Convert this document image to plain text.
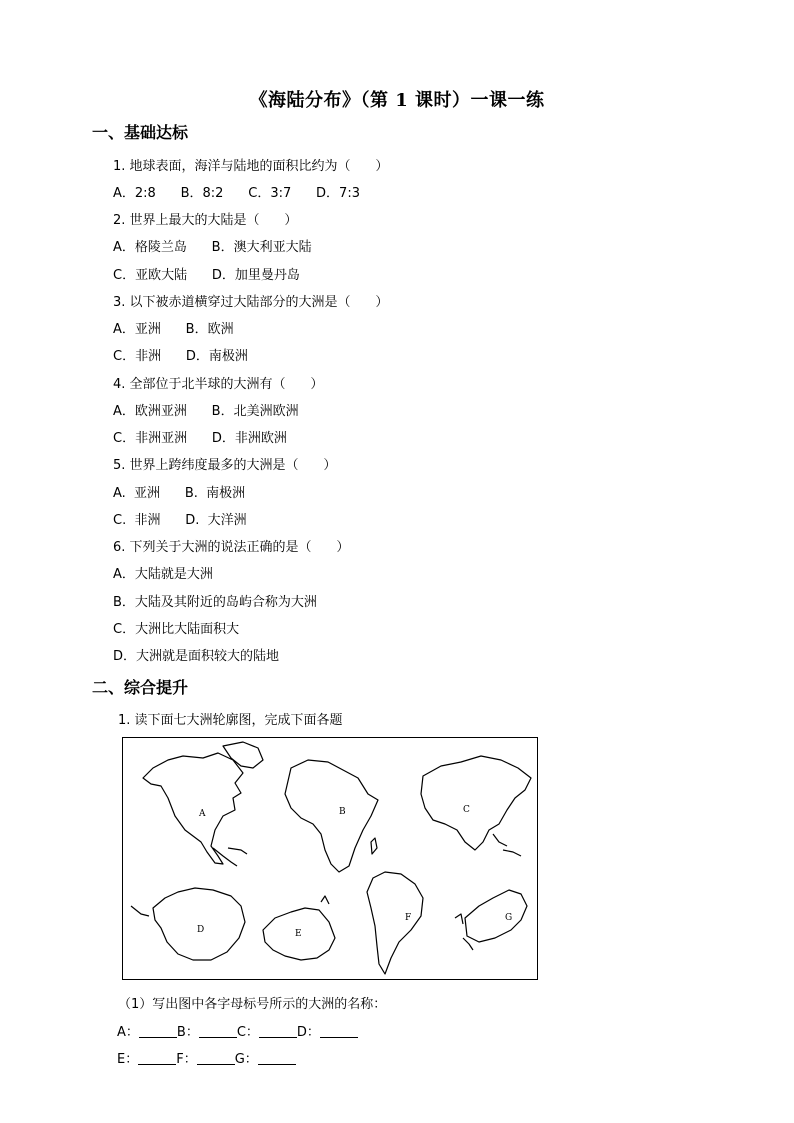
《海陆分布》（第 1 课时）一课一练
一、基础达标
1. 地球表面，海洋与陆地的面积比约为（      ）
A．2:8      B．8:2      C．3:7      D．7:3
2. 世界上最大的大陆是（      ）
A．格陵兰岛      B．澳大利亚大陆
C．亚欧大陆      D．加里曼丹岛
3. 以下被赤道横穿过大陆部分的大洲是（      ）
A．亚洲      B．欧洲
C．非洲      D．南极洲
4. 全部位于北半球的大洲有（      ）
A．欧洲亚洲      B．北美洲欧洲
C．非洲亚洲      D．非洲欧洲
5. 世界上跨纬度最多的大洲是（      ）
A.  亚洲      B.  南极洲
C.  非洲      D.  大洋洲
6. 下列关于大洲的说法正确的是（      ）
A．大陆就是大洲
B．大陆及其附近的岛屿合称为大洲
C．大洲比大陆面积大
D．大洲就是面积较大的陆地
二、综合提升
1. 读下面七大洲轮廓图，完成下面各题
A	B	C
D	E
F	G
（1）写出图中各字母标号所示的大洲的名称：
A：	B：	C：	D：
E：	F：	G：
